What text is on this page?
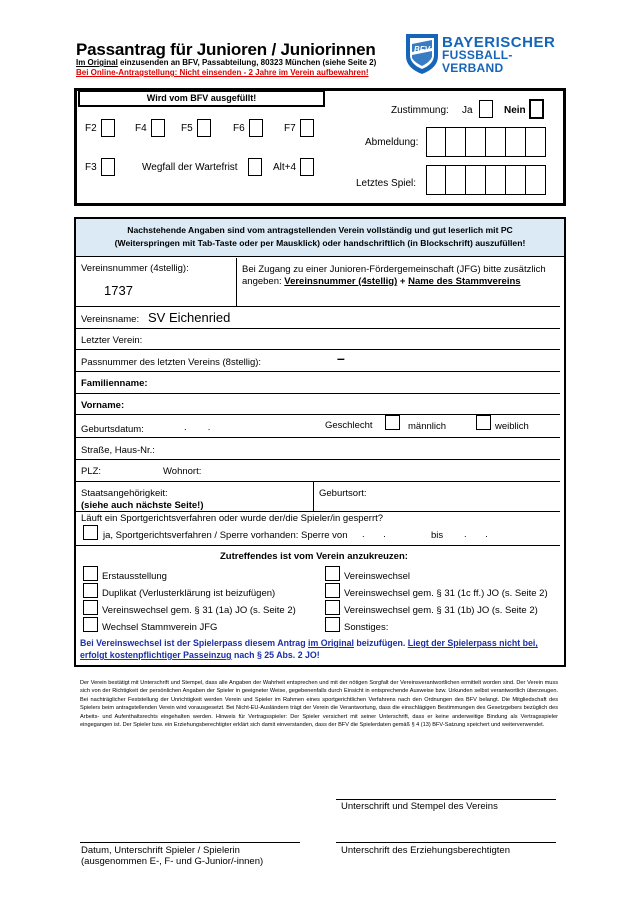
Passantrag für Junioren / Juniorinnen
Im Original einzusenden an BFV, Passabteilung, 80323 München (siehe Seite 2)
Bei Online-Antragstellung: Nicht einsenden - 2 Jahre im Verein aufbewahren!
BFV BAYERISCHER
FUSSBALL-VERBAND
Wird vom BFV ausgefüllt!
F2	F4	F5	F6	F7
F3	Wegfall der Wartefrist	Alt+4
Zustimmung: Ja	Nein
Abmeldung:
Letztes Spiel:
Nachstehende Angaben sind vom antragstellenden Verein vollständig und gut leserlich mit PC
(Weiterspringen mit Tab-Taste oder per Mausklick) oder handschriftlich (in Blockschrift) auszufüllen!
Vereinsnummer (4stellig):
1737
Bei Zugang zu einer Junioren-Fördergemeinschaft (JFG) bitte zusätzlich
angeben: Vereinsnummer (4stellig) + Name des Stammvereins
Vereinsname: SV Eichenried
Letzter Verein:
Passnummer des letzten Vereins (8stellig):	–
Familienname:
Vorname:
Geburtsdatum:	.        .	Geschlecht	männlich	weiblich
Straße, Haus-Nr.:
PLZ:	Wohnort:
Staatsangehörigkeit:
(siehe auch nächste Seite!)
Geburtsort:
Läuft ein Sportgerichtsverfahren oder wurde der/die Spieler/in gesperrt?
ja, Sportgerichtsverfahren / Sperre vorhanden: Sperre von .       .	bis .       .
Zutreffendes ist vom Verein anzukreuzen:
Erstausstellung
Duplikat (Verlusterklärung ist beizufügen)
Vereinswechsel gem. § 31 (1a) JO (s. Seite 2)
Wechsel Stammverein JFG
Vereinswechsel
Vereinswechsel gem. § 31 (1c ff.) JO (s. Seite 2)
Vereinswechsel gem. § 31 (1b) JO (s. Seite 2)
Sonstiges:
Bei Vereinswechsel ist der Spielerpass diesem Antrag im Original beizufügen. Liegt der Spielerpass nicht bei, erfolgt kostenpflichtiger Passeinzug nach § 25 Abs. 2 JO!
Der Verein bestätigt mit Unterschrift und Stempel, dass alle Angaben der Wahrheit entsprechen und mit der nötigen Sorgfalt der Vereinsverantwortlichen ermittelt worden sind. Der Verein muss sich von der Richtigkeit der persönlichen Angaben der Spieler in geeigneter Weise, gegebenenfalls durch Einsicht in entsprechende Ausweise bzw. Urkunden selbst verantwortlich überzeugen. Bei nachträglicher Feststellung der Unrichtigkeit werden Verein und Spieler im Rahmen eines sportgerichtlichen Verfahrens nach den Ordnungen des BFV belangt. Die Mitgliedschaft des Spielers beim antragstellenden Verein wird vorausgesetzt. Bei Nicht-EU-Ausländern trägt der Verein die Verantwortung, dass die einschlägigen Bestimmungen des Gesetzgebers bezüglich des Arbeits- und Aufenthaltsrechts eingehalten werden. Hinweis für Vertragsspieler: Der Spieler versichert mit seiner Unterschrift, dass er keine anderweitige Bindung als Vertragsspieler eingegangen ist. Der Spieler bzw. ein Erziehungsberechtigter erklärt sich damit einverstanden, dass der BFV die Spielerdaten gemäß § 4 (13) BFV-Satzung speichert und weiterverwendet.
Unterschrift und Stempel des Vereins
Datum, Unterschrift Spieler / Spielerin
(ausgenommen E-, F- und G-Junior/-innen)
Unterschrift des Erziehungsberechtigten
